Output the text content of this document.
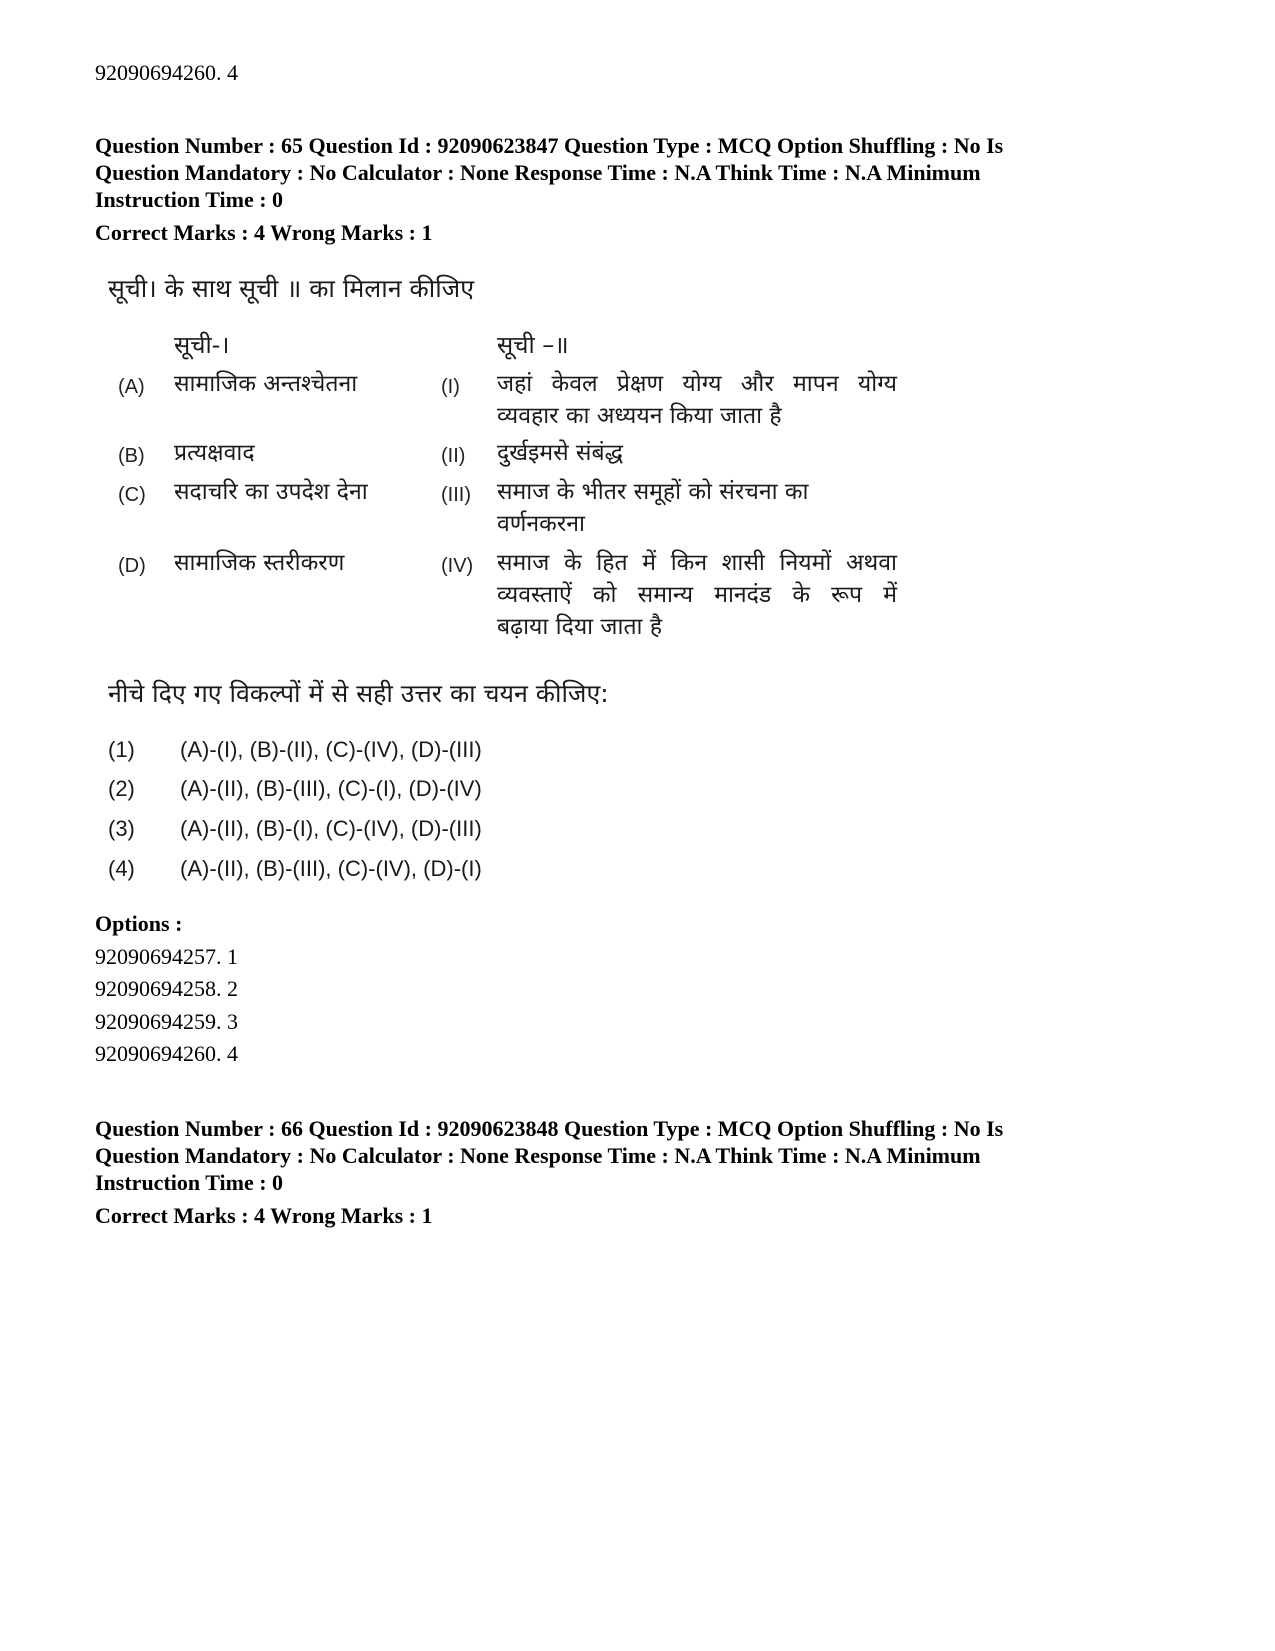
92090694260. 4
Question Number : 65 Question Id : 92090623847 Question Type : MCQ Option Shuffling : No Is
Question Mandatory : No Calculator : None Response Time : N.A Think Time : N.A Minimum
Instruction Time : 0
Correct Marks : 4 Wrong Marks : 1
सूची। के साथ सूची ॥ का मिलान कीजिए
सूची-।	सूची –॥
(A) सामाजिक अन्तश्चेतना	(I) जहां केवल प्रेक्षण योग्य और मापन योग्य
व्यवहार का अध्ययन किया जाता है
(B) प्रत्यक्षवाद	(II) दुर्खइमसे संबंद्ध
(C) सदाचरि का उपदेश देना	(III) समाज के भीतर समूहों को संरचना का
वर्णनकरना
(D) सामाजिक स्तरीकरण	(IV) समाज के हित में किन शासी नियमों अथवा
व्यवस्ताऐं को समान्य मानदंड के रूप में
बढ़ाया दिया जाता है
नीचे दिए गए विकल्पों में से सही उत्तर का चयन कीजिए:
(1) (A)-(I), (B)-(II), (C)-(IV), (D)-(III)
(2) (A)-(II), (B)-(III), (C)-(I), (D)-(IV)
(3) (A)-(II), (B)-(I), (C)-(IV), (D)-(III)
(4) (A)-(II), (B)-(III), (C)-(IV), (D)-(I)
Options :
92090694257. 1
92090694258. 2
92090694259. 3
92090694260. 4
Question Number : 66 Question Id : 92090623848 Question Type : MCQ Option Shuffling : No Is
Question Mandatory : No Calculator : None Response Time : N.A Think Time : N.A Minimum
Instruction Time : 0
Correct Marks : 4 Wrong Marks : 1
